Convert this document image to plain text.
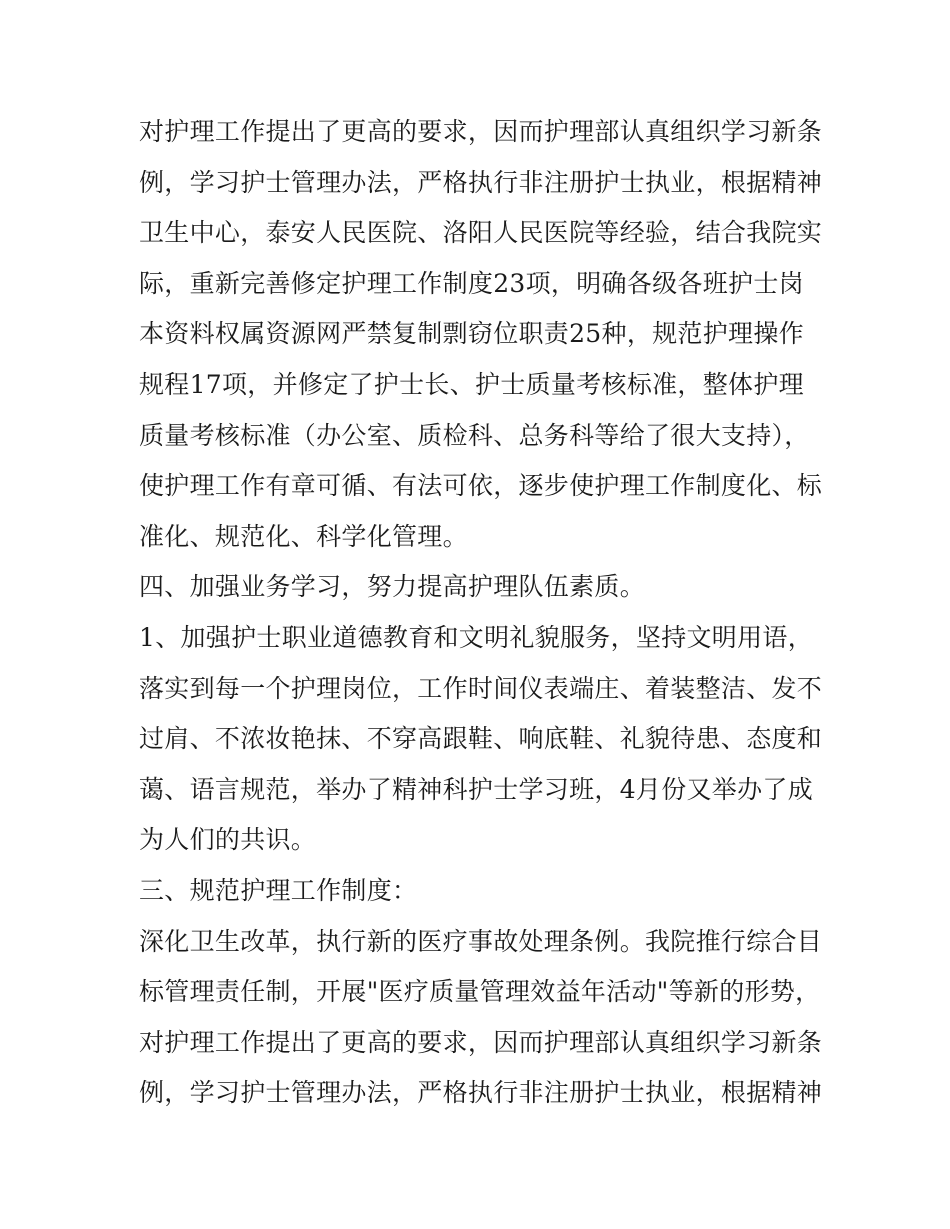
对护理工作提出了更高的要求，因而护理部认真组织学习新条
例，学习护士管理办法，严格执行非注册护士执业，根据精神
卫生中心，泰安人民医院、洛阳人民医院等经验，结合我院实
际，重新完善修定护理工作制度23项，明确各级各班护士岗
本资料权属资源网严禁复制剽窃位职责25种，规范护理操作
规程17项，并修定了护士长、护士质量考核标准，整体护理
质量考核标准（办公室、质检科、总务科等给了很大支持），
使护理工作有章可循、有法可依，逐步使护理工作制度化、标
准化、规范化、科学化管理。
四、加强业务学习，努力提高护理队伍素质。
1、加强护士职业道德教育和文明礼貌服务，坚持文明用语，
落实到每一个护理岗位，工作时间仪表端庄、着装整洁、发不
过肩、不浓妆艳抹、不穿高跟鞋、响底鞋、礼貌待患、态度和
蔼、语言规范，举办了精神科护士学习班，4月份又举办了成
为人们的共识。
三、规范护理工作制度：
深化卫生改革，执行新的医疗事故处理条例。我院推行综合目
标管理责任制，开展"医疗质量管理效益年活动"等新的形势，
对护理工作提出了更高的要求，因而护理部认真组织学习新条
例，学习护士管理办法，严格执行非注册护士执业，根据精神
